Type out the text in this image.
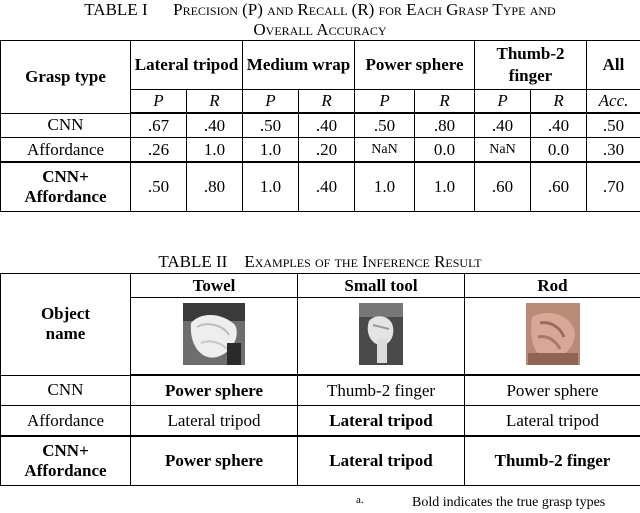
TABLE I Precision (P) and Recall (R) for Each Grasp Type and
Overall Accuracy
Grasp type	Lateral tripod		Medium wrap		Power sphere		Thumb-2 finger		All
	P	R	P	R	P	R	P	R	Acc.
CNN	.67	.40	.50	.40	.50	.80	.40	.40	.50
Affordance	.26	1.0	1.0	.20	NaN	0.0	NaN	0.0	.30
CNN+
Affordance	.50	.80	1.0	.40	1.0	1.0	.60	.60	.70
TABLE II Examples of the Inference Result
Object
name	Towel	Small tool	Rod

CNN	Power sphere	Thumb-2 finger	Power sphere
Affordance	Lateral tripod	Lateral tripod	Lateral tripod
CNN+
Affordance	Power sphere	Lateral tripod	Thumb-2 finger
a.	Bold indicates the true grasp types
